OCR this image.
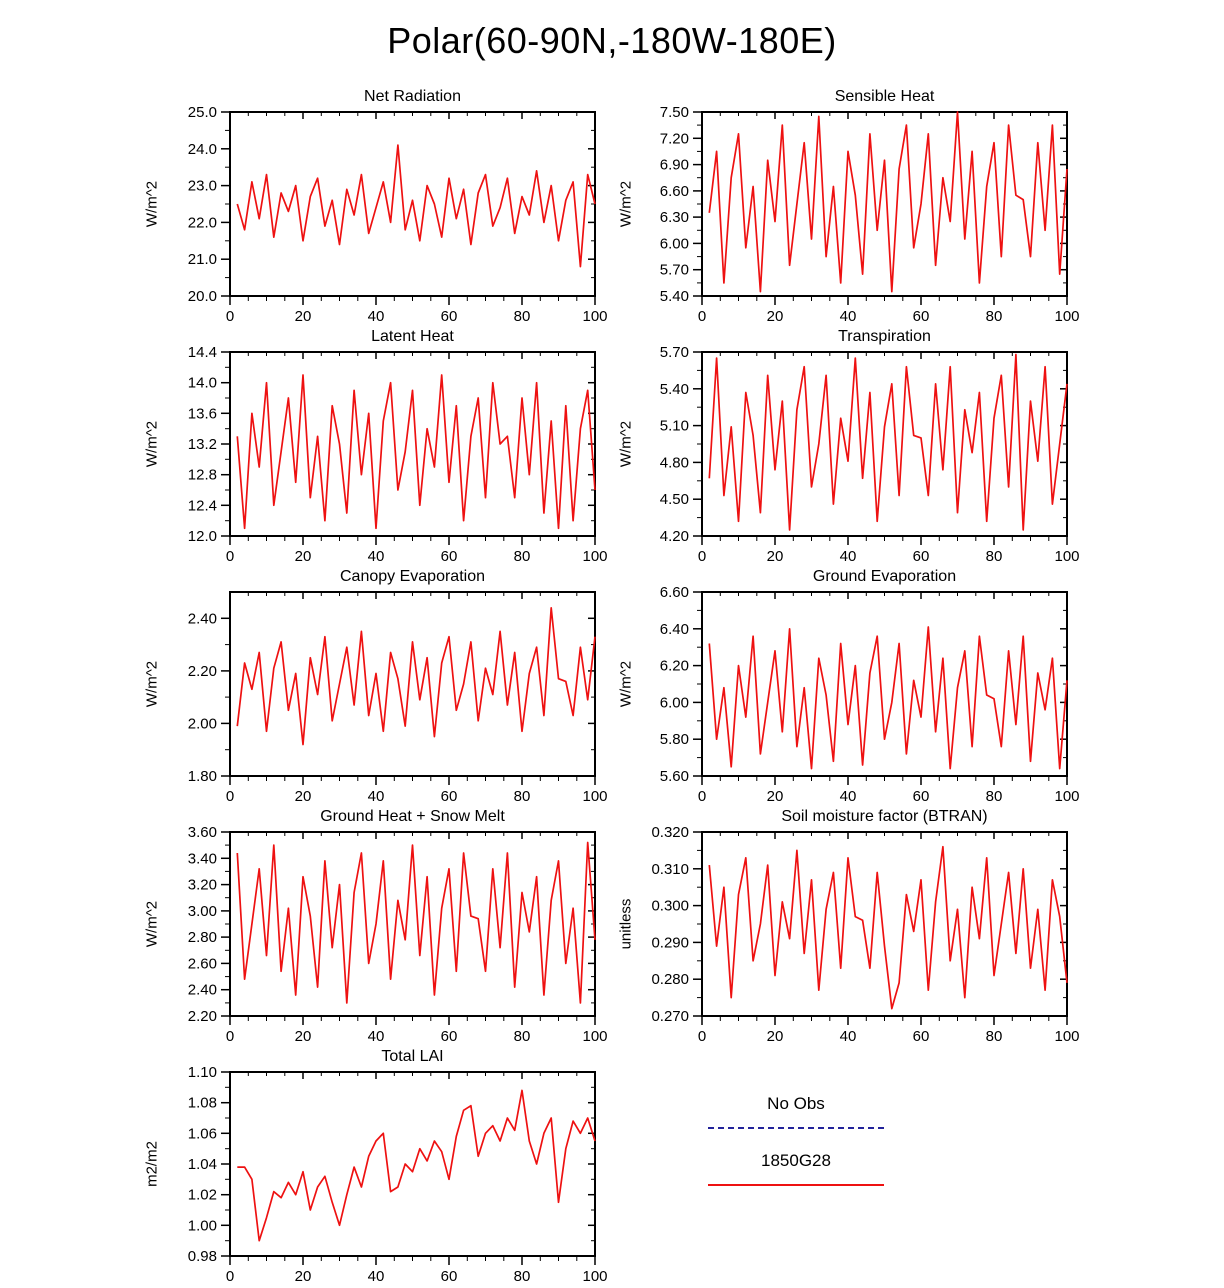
Polar(60-90N,-180W-180E)
0	20	40	60	80	100
20.0
21.0
22.0
23.0
24.0
25.0
Net Radiation
W/m^2
0	20	40	60	80	100
5.40
5.70
6.00
6.30
6.60
6.90
7.20
7.50
Sensible Heat
W/m^2
0	20	40	60	80	100
12.0
12.4
12.8
13.2
13.6
14.0
14.4
Latent Heat
W/m^2
0	20	40	60	80	100
4.20
4.50
4.80
5.10
5.40
5.70
Transpiration
W/m^2
0	20	40	60	80	100
1.80
2.00
2.20
2.40
Canopy Evaporation
W/m^2
0	20	40	60	80	100
5.60
5.80
6.00
6.20
6.40
6.60
Ground Evaporation
W/m^2
0	20	40	60	80	100
2.20
2.40
2.60
2.80
3.00
3.20
3.40
3.60
Ground Heat + Snow Melt
W/m^2
0	20	40	60	80	100
0.270
0.280
0.290
0.300
0.310
0.320
Soil moisture factor (BTRAN)
unitless
0	20	40	60	80	100
0.98
1.00
1.02
1.04
1.06
1.08
1.10
Total LAI
m2/m2
No Obs
1850G28
